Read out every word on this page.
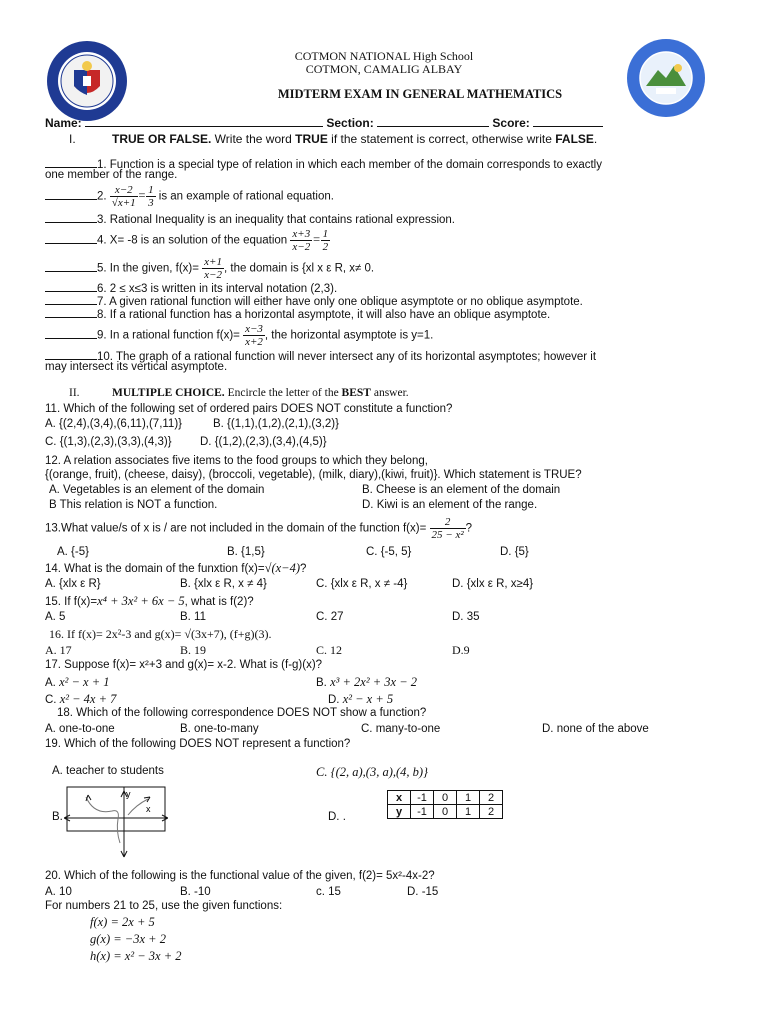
COTMON NATIONAL High School
COTMON, CAMALIG ALBAY
MIDTERM EXAM IN GENERAL MATHEMATICS
Name:	Section:	Score:
I.	TRUE OR FALSE. Write the word TRUE if the statement is correct, otherwise write FALSE.
1. Function is a special type of relation in which each member of the domain corresponds to exactly
one member of the range.
2. $\frac{x-2}{√x+1} = \frac{1}{3}$ is an example of rational equation.
3. Rational Inequality is an inequality that contains rational expression.
4. X= -8 is an solution of the equation $\frac{x+3}{x-2} = \frac{1}{2}$
5. In the given, $f(x)= \frac{x+1}{x-2}$ , the domain is {xl x ε R, x≠ 0.
6. 2 ≤ x≤3 is written in its interval notation (2,3).
7. A given rational function will either have only one oblique asymptote or no oblique asymptote.
8. If a rational function has a horizontal asymptote, it will also have an oblique asymptote.
9. In a rational function $f(x)= \frac{x-3}{x+2}$ , the horizontal asymptote is y=1.
10. The graph of a rational function will never intersect any of its horizontal asymptotes; however it
may intersect its vertical asymptote.
II.	MULTIPLE CHOICE. Encircle the letter of the BEST answer.
11. Which of the following set of ordered pairs DOES NOT constitute a function?
A. {(2,4),(3,4),(6,11),(7,11)}	B. {(1,1),(1,2),(2,1),(3,2)}
C. {(1,3),(2,3),(3,3),(4,3)} D. {(1,2),(2,3),(3,4),(4,5)}
12. A relation associates five items to the food groups to which they belong,
{(orange, fruit), (cheese, daisy), (broccoli, vegetable), (milk, diary),(kiwi, fruit)}. Which statement is TRUE?
A. Vegetables is an element of the domain	B. Cheese is an element of the domain
B This relation is NOT a function.	D. Kiwi is an element of the range.
13.What value/s of x is / are not included in the domain of the function $f(x)= \frac{2}{\text{25 − x²}}$ ?
A. {-5}	B. {1,5}	C. {-5, 5}	D. {5}
14. What is the domain of the funxtion f(x)=√(x−4)?
A. {xlx ε R}	B. {xlx ε R, x ≠ 4}	C. {xlx ε R, x ≠ -4}	D. {xlx ε R, x≥4}
15. If f(x)=x⁴ + 3x² + 6x − 5, what is f(2)?
A. 5	B. 11	C. 27	D. 35
16. If f(x)= 2x²-3 and g(x)= √(3x+7), (f+g)(3).
A. 17	B. 19	C. 12	D.9
17. Suppose f(x)= x²+3 and g(x)= x-2. What is (f-g)(x)?
A. x² − x + 1	B. x³ + 2x² + 3x − 2
C. x² − 4x + 7	D. x² − x + 5
18. Which of the following correspondence DOES NOT show a function?
A. one-to-one	B. one-to-many	C. many-to-one	D. none of the above
19. Which of the following DOES NOT represent a function?
A. teacher to students	C. {(2, a),(3, a),(4, b)}
B.	D. .
y
x
x	-1	0	1	2
y	-1	0	1	2
20. Which of the following is the functional value of the given, f(2)= 5x²-4x-2?
A. 10	B. -10	c. 15	D. -15
For numbers 21 to 25, use the given functions:
f(x) = 2x + 5
g(x) = −3x + 2
h(x) = x² − 3x + 2
